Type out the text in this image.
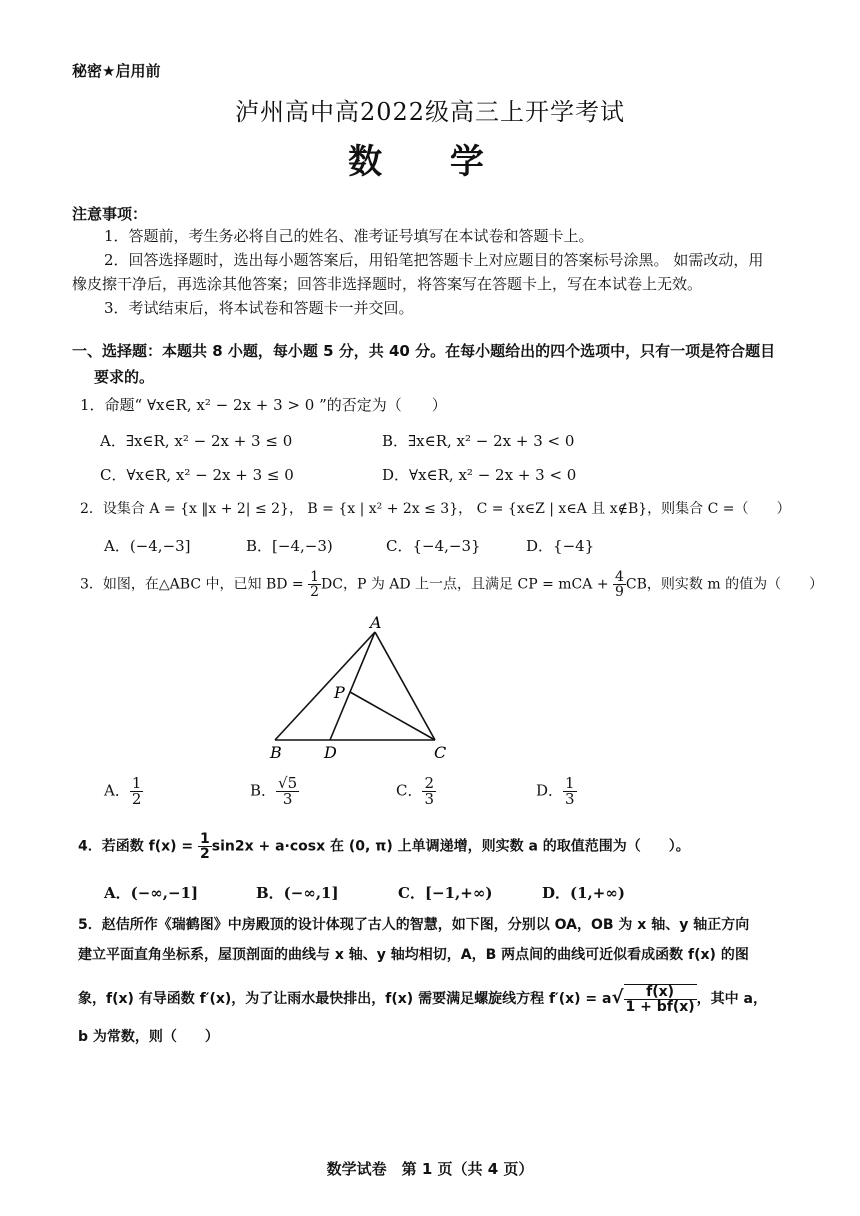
秘密★启用前
泸州高中高2022级高三上开学考试
数 学
注意事项：
1．答题前，考生务必将自己的姓名、准考证号填写在本试卷和答题卡上。
2．回答选择题时，选出每小题答案后，用铅笔把答题卡上对应题目的答案标号涂黑。 如需改动，用
橡皮擦干净后，再选涂其他答案；回答非选择题时，将答案写在答题卡上，写在本试卷上无效。
3．考试结束后，将本试卷和答题卡一并交回。
一、选择题：本题共 8 小题，每小题 5 分，共 40 分。在每小题给出的四个选项中，只有一项是符合题目
要求的。
1．命题“ ∀x∈R, x² − 2x + 3 > 0 ”的否定为（　　）
A．∃x∈R, x² − 2x + 3 ≤ 0	B．∃x∈R, x² − 2x + 3 < 0
C．∀x∈R, x² − 2x + 3 ≤ 0	D．∀x∈R, x² − 2x + 3 < 0
2．设集合 A = {x ‖x + 2| ≤ 2}， B = {x | x² + 2x ≤ 3}， C = {x∈Z | x∈A 且 x∉B}，则集合 C =（　　）
A．(−4,−3]	B．[−4,−3)	C．{−4,−3}	D．{−4}
3．如图，在△ABC 中，已知 BD = $\frac{1}{2}$ DC，P 为 AD 上一点，且满足 CP = mCA + $\frac{4}{9}$ CB，则实数 m 的值为（　　）
A
B	D	C
P
A． $\frac{1}{2}$	B． $\frac{√5}{3}$	C． $\frac{2}{3}$	D． $\frac{1}{3}$
4．若函数 $f(x) = \frac{1}{2} \sin 2x + a\cdot\cos x$ 在 (0, π) 上单调递增，则实数 a 的取值范围为（　　）。
A．(−∞,−1]	B．(−∞,1]	C．[−1,+∞)	D．(1,+∞)
5．赵佶所作《瑞鹤图》中房殿顶的设计体现了古人的智慧，如下图，分别以 OA，OB 为 x 轴、y 轴正方向
建立平面直角坐标系，屋顶剖面的曲线与 x 轴、y 轴均相切，A，B 两点间的曲线可近似看成函数 f(x) 的图
象，f(x) 有导函数 f′(x)，为了让雨水最快排出，f(x) 需要满足螺旋线方程 $f'(x) = a√ \frac{f(x)}{1 + bf(x)}$ ，其中 a，
b 为常数，则（　　）
数学试卷　第 1 页（共 4 页）
